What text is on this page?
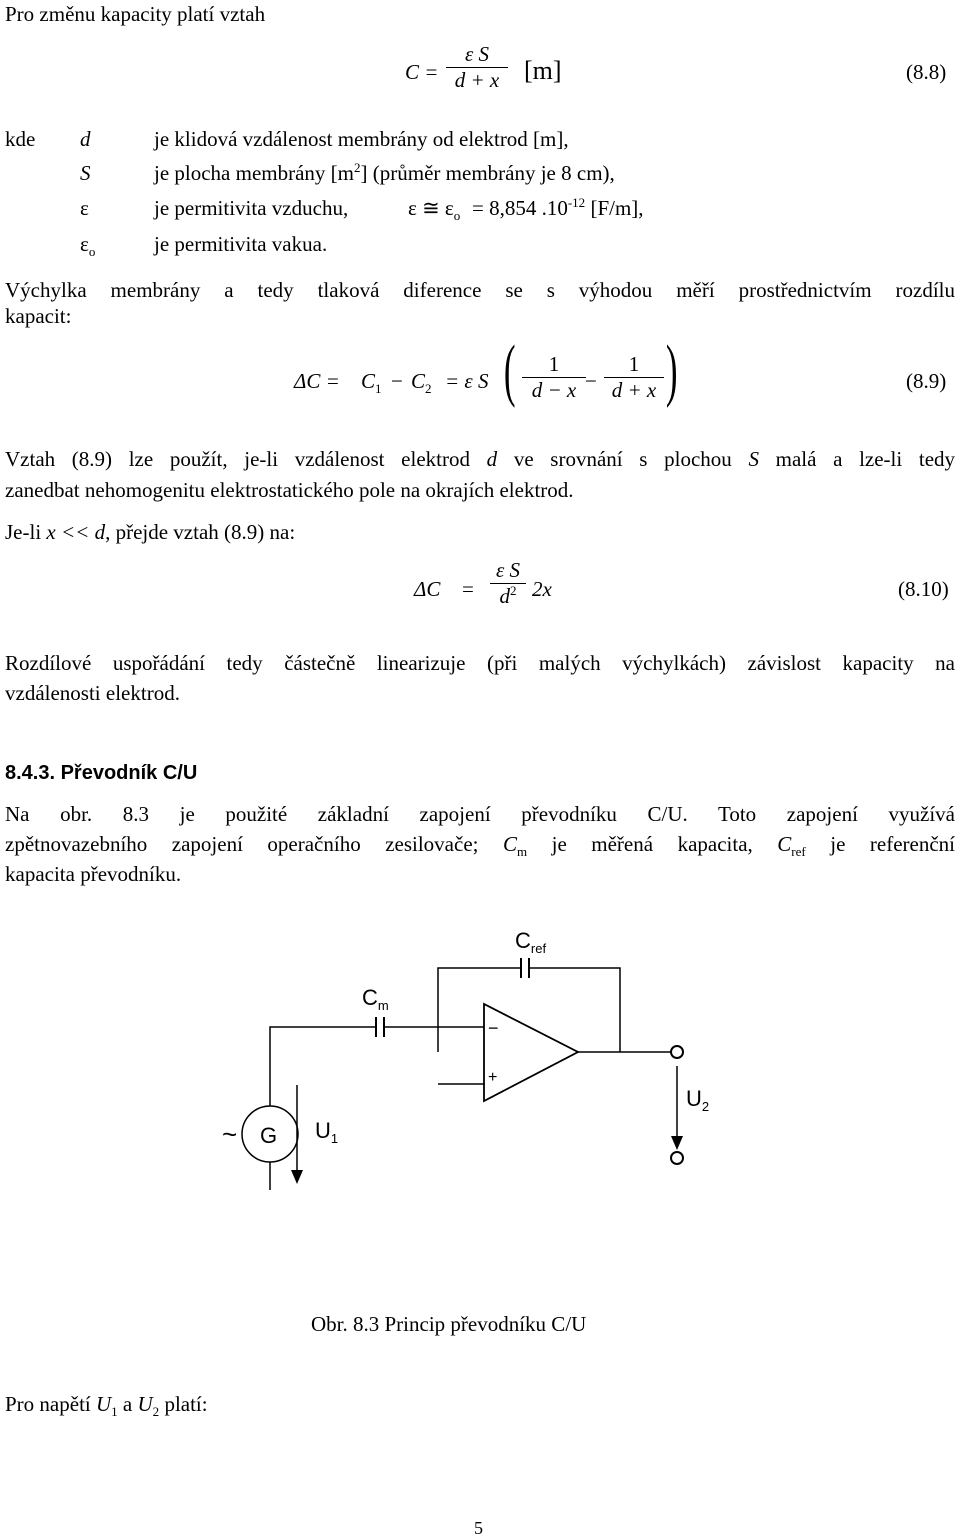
Pro změnu kapacity platí vztah
C =
ε S
d + x [m]	(8.8)
kde d	je klidová vzdálenost membrány od elektrod [m],
S	je plocha membrány $[m^2]$ (průměr membrány je 8 cm),
ε	je permitivita vzduchu,	ε ≅ $\varepsilon_o = 8,854$ $.10^{-12}$ [F/m],
$\varepsilon_o$	je permitivita vakua.
Výchylka membrány a tedy tlaková diference se s výhodou měří prostřednictvím rozdílu
kapacit:
$\Delta C = C_1 - C_2 = \varepsilon$ S (	1
d − x −
1
d + x )	(8.9)
Vztah (8.9) lze použít, je-li vzdálenost elektrod d ve srovnání s plochou S malá a lze-li tedy
zanedbat nehomogenitu elektrostatického pole na okrajích elektrod.
Je-li x << d, přejde vztah (8.9) na:
ΔC =
ε S
$d^2$ 2x	(8.10)
Rozdílové uspořádání tedy částečně linearizuje (při malých výchylkách) závislost kapacity na
vzdálenosti elektrod.
8.4.3. Převodník C/U
Na obr. 8.3 je použité základní zapojení převodníku C/U. Toto zapojení využívá
zpětnovazebního zapojení operačního zesilovače; $C_m$ je měřená kapacita, $C_{ref}$ je referenční
kapacita převodníku.
$C_{ref}$
$C_m$
−
+
G
~	$U_1$
$U_2$
Obr. 8.3 Princip převodníku C/U
Pro napětí $U_1$ a $U_2$ platí:
5
